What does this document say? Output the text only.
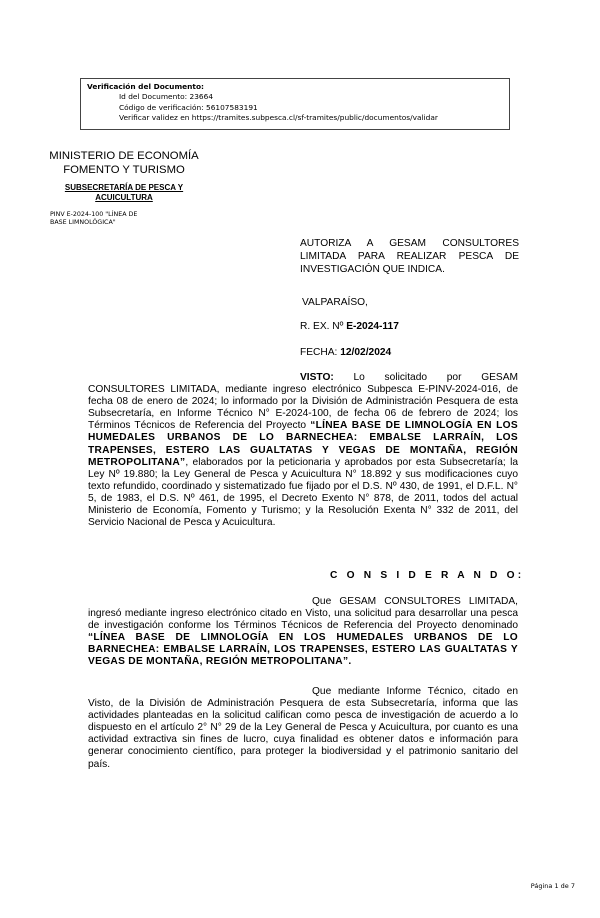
Verificación del Documento:
• Id del Documento: 23664
• Código de verificación: 56107583191
• Verificar validez en https://tramites.subpesca.cl/sf-tramites/public/documentos/validar
MINISTERIO DE ECONOMÍA
FOMENTO Y TURISMO
SUBSECRETARÍA DE PESCA Y ACUICULTURA
PINV E-2024-100 "LÍNEA DE BASE LIMNOLÓGICA"
AUTORIZA A GESAM CONSULTORES LIMITADA PARA REALIZAR PESCA DE INVESTIGACIÓN QUE INDICA.
VALPARAÍSO,
R. EX. Nº E-2024-117
FECHA: 12/02/2024

VISTO: Lo solicitado por GESAM CONSULTORES LIMITADA, mediante ingreso electrónico Subpesca E-PINV-2024-016, de fecha 08 de enero de 2024; lo informado por la División de Administración Pesquera de esta Subsecretaría, en Informe Técnico N° E-2024-100, de fecha 06 de febrero de 2024; los Términos Técnicos de Referencia del Proyecto “LÍNEA BASE DE LIMNOLOGÍA EN LOS HUMEDALES URBANOS DE LO BARNECHEA: EMBALSE LARRAÍN, LOS TRAPENSES, ESTERO LAS GUALTATAS Y VEGAS DE MONTAÑA, REGIÓN METROPOLITANA”, elaborados por la peticionaria y aprobados por esta Subsecretaría; la Ley Nº 19.880; la Ley General de Pesca y Acuicultura N° 18.892 y sus modificaciones cuyo texto refundido, coordinado y sistematizado fue fijado por el D.S. Nº 430, de 1991, el D.F.L. N° 5, de 1983, el D.S. Nº 461, de 1995, el Decreto Exento N° 878, de 2011, todos del actual Ministerio de Economía, Fomento y Turismo; y la Resolución Exenta N° 332 de 2011, del Servicio Nacional de Pesca y Acuicultura.

C O N S I D E R A N D O:

Que GESAM CONSULTORES LIMITADA, ingresó mediante ingreso electrónico citado en Visto, una solicitud para desarrollar una pesca de investigación conforme los Términos Técnicos de Referencia del Proyecto denominado “LÍNEA BASE DE LIMNOLOGÍA EN LOS HUMEDALES URBANOS DE LO BARNECHEA: EMBALSE LARRAÍN, LOS TRAPENSES, ESTERO LAS GUALTATAS Y VEGAS DE MONTAÑA, REGIÓN METROPOLITANA”.

Que mediante Informe Técnico, citado en Visto, de la División de Administración Pesquera de esta Subsecretaría, informa que las actividades planteadas en la solicitud califican como pesca de investigación de acuerdo a lo dispuesto en el artículo 2° N° 29 de la Ley General de Pesca y Acuicultura, por cuanto es una actividad extractiva sin fines de lucro, cuya finalidad es obtener datos e información para generar conocimiento científico, para proteger la biodiversidad y el patrimonio sanitario del país.

Página 1 de 7
